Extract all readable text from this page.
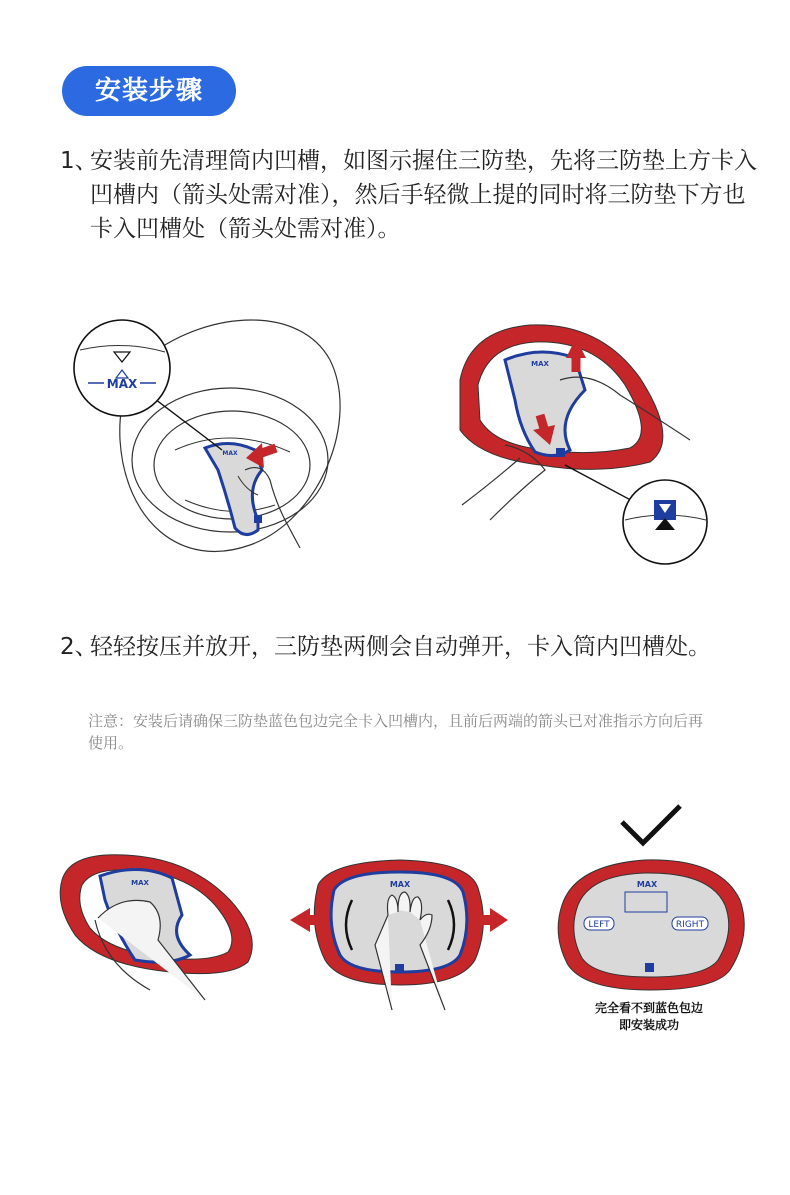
安装步骤
1、
安装前先清理筒内凹槽，如图示握住三防垫，先将三防垫上方卡入凹槽内（箭头处需对准），然后手轻微上提的同时将三防垫下方也卡入凹槽处（箭头处需对准）。
2、
轻轻按压并放开，三防垫两侧会自动弹开，卡入筒内凹槽处。
注意：安装后请确保三防垫蓝色包边完全卡入凹槽内，且前后两端的箭头已对准指示方向后再使用。
MAX
MAX
MAX
MAX	MAX	MAX
LEFT	RIGHT
完全看不到蓝色包边
即安装成功
